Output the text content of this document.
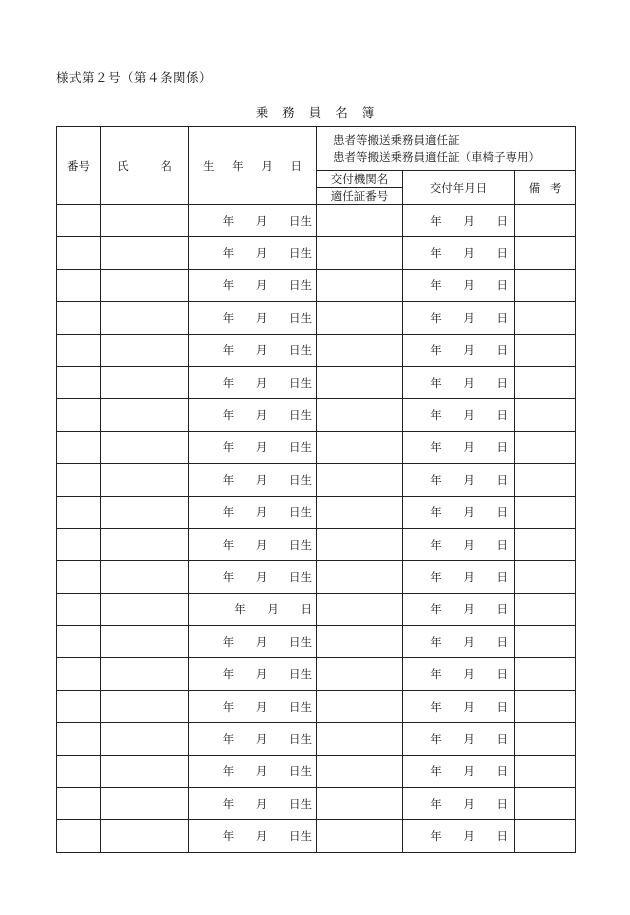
様式第２号（第４条関係）
乗 務 員 名 簿
番号	氏 名	生 年 月 日	患者等搬送乗務員適任証
患者等搬送乗務員適任証（車椅子専用）		

			交付機関名	交付年月日	備 考
			適任証番号		
		年 月 日生		年 月 日	
		年 月 日生		年 月 日	
		年 月 日生		年 月 日	
		年 月 日生		年 月 日	
		年 月 日生		年 月 日	
		年 月 日生		年 月 日	
		年 月 日生		年 月 日	
		年 月 日生		年 月 日	
		年 月 日生		年 月 日	
		年 月 日生		年 月 日	
		年 月 日生		年 月 日	
		年 月 日生		年 月 日	
		年 月 日		年 月 日	
		年 月 日生		年 月 日	
		年 月 日生		年 月 日	
		年 月 日生		年 月 日	
		年 月 日生		年 月 日	
		年 月 日生		年 月 日	
		年 月 日生		年 月 日	
		年 月 日生		年 月 日	
